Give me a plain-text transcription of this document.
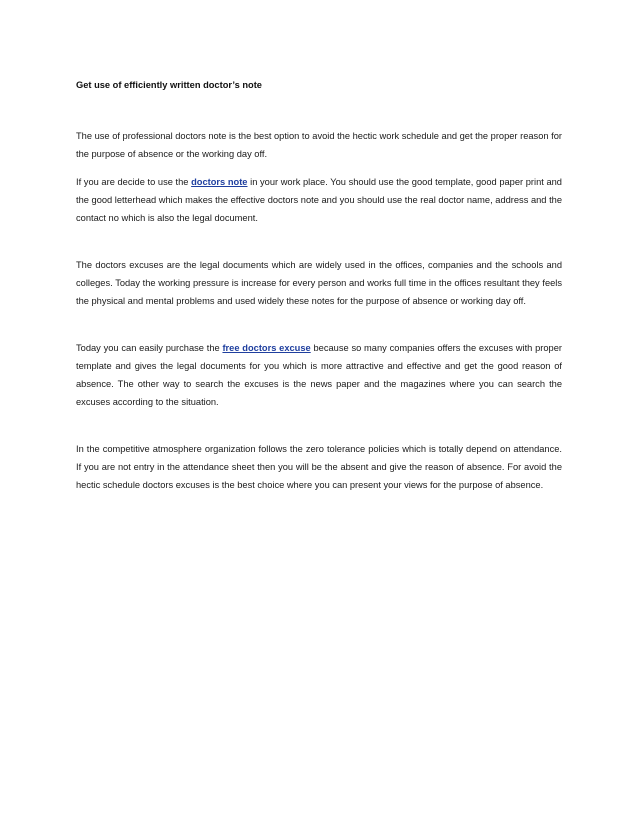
Get use of efficiently written doctor’s note

The use of professional doctors note is the best option to avoid the hectic work schedule and get the proper reason for the purpose of absence or the working day off.

If you are decide to use the doctors note in your work place. You should use the good template, good paper print and the good letterhead which makes the effective doctors note and you should use the real doctor name, address and the contact no which is also the legal document.

The doctors excuses are the legal documents which are widely used in the offices, companies and the schools and colleges. Today the working pressure is increase for every person and works full time in the offices resultant they feels the physical and mental problems and used widely these notes for the purpose of absence or working day off.

Today you can easily purchase the free doctors excuse because so many companies offers the excuses with proper template and gives the legal documents for you which is more attractive and effective and get the good reason of absence. The other way to search the excuses is the news paper and the magazines where you can search the excuses according to the situation.

In the competitive atmosphere organization follows the zero tolerance policies which is totally depend on attendance. If you are not entry in the attendance sheet then you will be the absent and give the reason of absence. For avoid the hectic schedule doctors excuses is the best choice where you can present your views for the purpose of absence.
